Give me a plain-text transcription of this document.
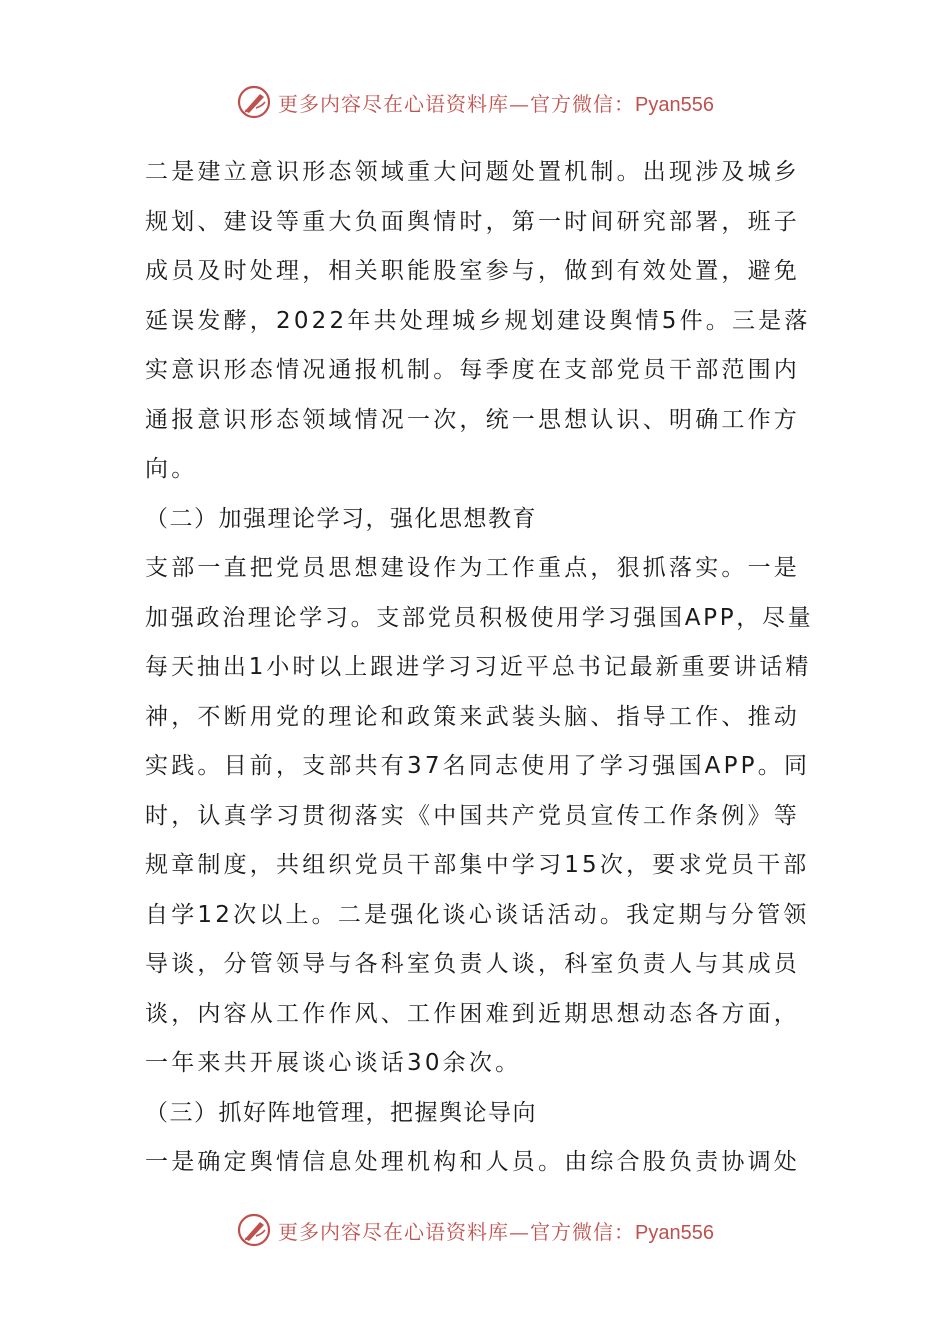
更多内容尽在心语资料库—官方微信：Pyan556

二是建立意识形态领域重大问题处置机制。出现涉及城乡
规划、建设等重大负面舆情时，第一时间研究部署，班子
成员及时处理，相关职能股室参与，做到有效处置，避免
延误发酵，2022年共处理城乡规划建设舆情5件。三是落
实意识形态情况通报机制。每季度在支部党员干部范围内
通报意识形态领域情况一次，统一思想认识、明确工作方
向。

（二）加强理论学习，强化思想教育

支部一直把党员思想建设作为工作重点，狠抓落实。一是
加强政治理论学习。支部党员积极使用学习强国APP，尽量
每天抽出1小时以上跟进学习习近平总书记最新重要讲话精
神，不断用党的理论和政策来武装头脑、指导工作、推动
实践。目前，支部共有37名同志使用了学习强国APP。同
时，认真学习贯彻落实《中国共产党员宣传工作条例》等
规章制度，共组织党员干部集中学习15次，要求党员干部
自学12次以上。二是强化谈心谈话活动。我定期与分管领
导谈，分管领导与各科室负责人谈，科室负责人与其成员
谈，内容从工作作风、工作困难到近期思想动态各方面，
一年来共开展谈心谈话30余次。

（三）抓好阵地管理，把握舆论导向

一是确定舆情信息处理机构和人员。由综合股负责协调处

更多内容尽在心语资料库—官方微信：Pyan556
